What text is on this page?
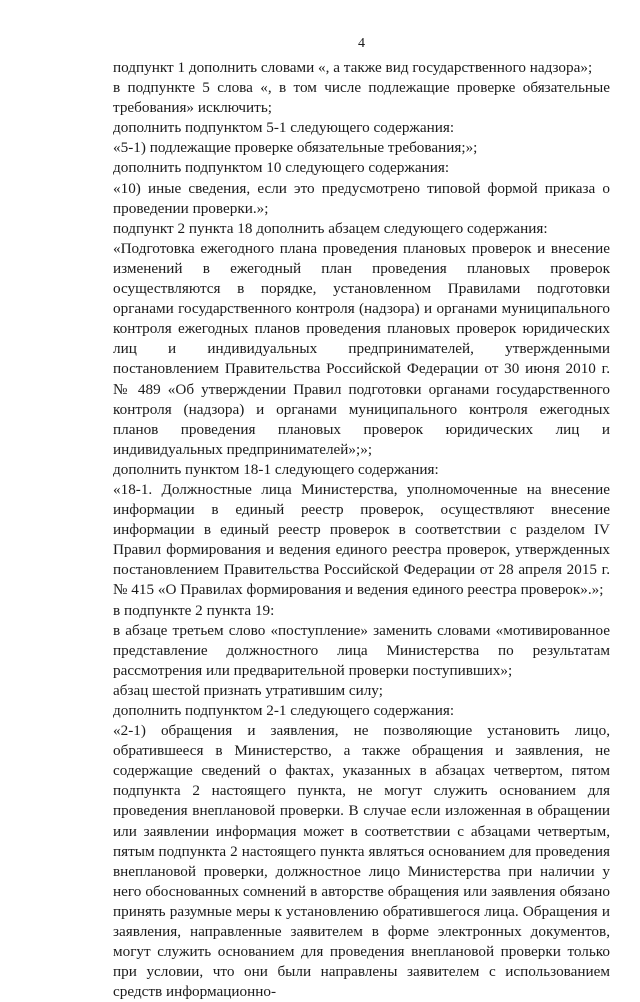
4

подпункт 1 дополнить словами «, а также вид государственного надзора»;

в подпункте 5 слова «, в том числе подлежащие проверке обязательные требования» исключить;

дополнить подпунктом 5-1 следующего содержания:

«5-1) подлежащие проверке обязательные требования;»;

дополнить подпунктом 10 следующего содержания:

«10) иные сведения, если это предусмотрено типовой формой приказа о проведении проверки.»;

подпункт 2 пункта 18 дополнить абзацем следующего содержания:

«Подготовка ежегодного плана проведения плановых проверок и внесение изменений в ежегодный план проведения плановых проверок осуществляются в порядке, установленном Правилами подготовки органами государственного контроля (надзора) и органами муниципального контроля ежегодных планов проведения плановых проверок юридических лиц и индивидуальных предпринимателей, утвержденными постановлением Правительства Российской Федерации от 30 июня 2010 г. № 489 «Об утверждении Правил подготовки органами государственного контроля (надзора) и органами муниципального контроля ежегодных планов проведения плановых проверок юридических лиц и индивидуальных предпринимателей»;»;

дополнить пунктом 18-1 следующего содержания:

«18-1. Должностные лица Министерства, уполномоченные на внесение информации в единый реестр проверок, осуществляют внесение информации в единый реестр проверок в соответствии с разделом IV Правил формирования и ведения единого реестра проверок, утвержденных постановлением Правительства Российской Федерации от 28 апреля 2015 г. № 415 «О Правилах формирования и ведения единого реестра проверок».»;

в подпункте 2 пункта 19:

в абзаце третьем слово «поступление» заменить словами «мотивированное представление должностного лица Министерства по результатам рассмотрения или предварительной проверки поступивших»;

абзац шестой признать утратившим силу;

дополнить подпунктом 2-1 следующего содержания:

«2-1) обращения и заявления, не позволяющие установить лицо, обратившееся в Министерство, а также обращения и заявления, не содержащие сведений о фактах, указанных в абзацах четвертом, пятом подпункта 2 настоящего пункта, не могут служить основанием для проведения внеплановой проверки. В случае если изложенная в обращении или заявлении информация может в соответствии с абзацами четвертым, пятым подпункта 2 настоящего пункта являться основанием для проведения внеплановой проверки, должностное лицо Министерства при наличии у него обоснованных сомнений в авторстве обращения или заявления обязано принять разумные меры к установлению обратившегося лица. Обращения и заявления, направленные заявителем в форме электронных документов, могут служить основанием для проведения внеплановой проверки только при условии, что они были направлены заявителем с использованием средств информационно-
